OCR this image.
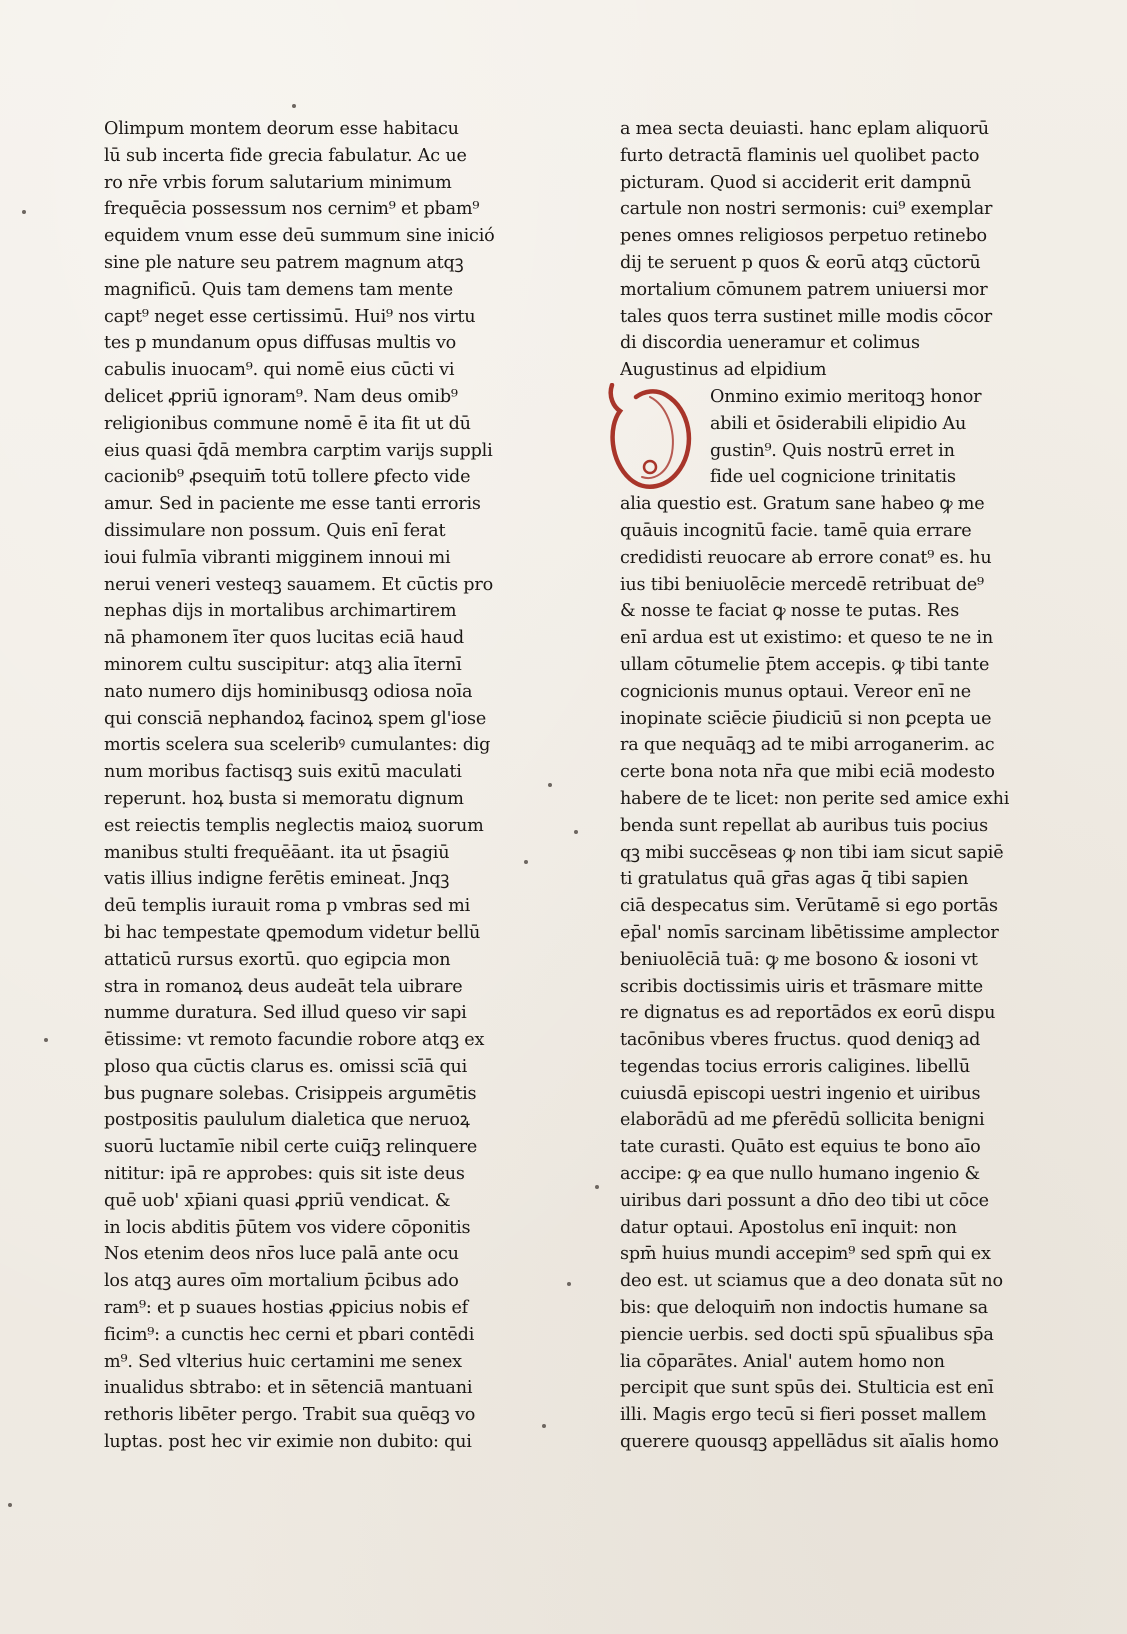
Olimpum montem deorum esse habitacu
lū sub incerta fide grecia fabulatur. Ac ue
ro nr̄e vrbis forum salutarium minimum
frequēcia possessum nos cernim⁹ et pbam⁹
equidem vnum esse deū summum sine inició
sine ple nature seu patrem magnum atqꝫ
magnificū. Quis tam demens tam mente
capt⁹ neget esse certissimū. Hui⁹ nos virtu
tes p mundanum opus diffusas multis vo
cabulis inuocam⁹. qui nomē eius cūcti vi
delicet ꝓpriū ignoram⁹. Nam deus omib⁹
religionibus commune nomē ē ita fit ut dū
eius quasi q̄dā membra carptim varijs suppli
cacionib⁹ ꝓsequim̄ totū tollere ꝑfecto vide
amur. Sed in paciente me esse tanti erroris
dissimulare non possum. Quis enī ferat
ioui fulmīa vibranti migginem innoui mi
nerui veneri vesteqꝫ sauamem. Et cūctis pro
nephas dijs in mortalibus archimartirem
nā phamonem īter quos lucitas eciā haud
minorem cultu suscipitur: atqꝫ alia īternī
nato numero dijs hominibusqꝫ odiosa noīa
qui consciā nephandoꝝ facinoꝝ spem gl'iose
mortis scelera sua sceleribꝰ cumulantes: dig
num moribus factisqꝫ suis exitū maculati
reperunt. hoꝝ busta si memoratu dignum
est reiectis templis neglectis maioꝝ suorum
manibus stulti frequēāant. ita ut p̄sagiū
vatis illius indigne ferētis emineat. Jnqꝫ
deū templis iurauit roma p vmbras sed mi
bi hac tempestate ꝗpemodum videtur bellū
attaticū rursus exortū. quo egipcia mon
stra in romanoꝝ deus audeāt tela uibrare
numme duratura. Sed illud queso vir sapi
ētissime: vt remoto facundie robore atqꝫ ex
ploso qua cūctis clarus es. omissi scīā qui
bus pugnare solebas. Crisippeis argumētis
postpositis paululum dialetica que neruoꝝ
suorū luctamīe nibil certe cuiq̄ꝫ relinquere
nititur: ipā re approbes: quis sit iste deus
quē uob' xp̄iani quasi ꝓpriū vendicat. &
in locis abditis p̄ūtem vos videre cōponitis
Nos etenim deos nr̄os luce palā ante ocu
los atqꝫ aures oīm mortalium p̄cibus ado
ram⁹: et p suaues hostias ꝓpicius nobis ef
ficim⁹: a cunctis hec cerni et pbari contēdi
m⁹. Sed vlterius huic certamini me senex
inualidus sbtrabo: et in sētenciā mantuani
rethoris libēter pergo. Trabit sua quēqꝫ vo
luptas. post hec vir eximie non dubito: qui
a mea secta deuiasti. hanc eplam aliquorū
furto detractā flaminis uel quolibet pacto
picturam. Quod si acciderit erit dampnū
cartule non nostri sermonis: cui⁹ exemplar
penes omnes religiosos perpetuo retinebo
dij te seruent p quos & eorū atqꝫ cūctorū
mortalium cōmunem patrem uniuersi mor
tales quos terra sustinet mille modis cōcor
di discordia ueneramur et colimus
Augustinus ad elpidium
Onmino eximio meritoqꝫ honor
abili et ōsiderabili elipidio Au
gustin⁹. Quis nostrū erret in
fide uel cognicione trinitatis
alia questio est. Gratum sane habeo ꝙ me
quāuis incognitū facie. tamē quia errare
credidisti reuocare ab errore conat⁹ es. hu
ius tibi beniuolēcie mercedē retribuat de⁹
& nosse te faciat ꝙ nosse te putas. Res
enī ardua est ut existimo: et queso te ne in
ullam cōtumelie p̄tem accepis. ꝙ tibi tante
cognicionis munus optaui. Vereor enī ne
inopinate sciēcie p̄iudiciū si non ꝑcepta ue
ra que nequāqꝫ ad te mibi arroganerim. ac
certe bona nota nr̄a que mibi eciā modesto
habere de te licet: non perite sed amice exhi
benda sunt repellat ab auribus tuis pocius
qꝫ mibi succēseas ꝙ non tibi iam sicut sapiē
ti gratulatus quā gr̄as agas q̄ tibi sapien
ciā despecatus sim. Verūtamē si ego portās
ep̄al' nomīs sarcinam libētissime amplector
beniuolēciā tuā: ꝙ me bosono & iosoni vt
scribis doctissimis uiris et trāsmare mitte
re dignatus es ad reportādos ex eorū dispu
tacōnibus vberes fructus. quod deniqꝫ ad
tegendas tocius erroris caligines. libellū
cuiusdā episcopi uestri ingenio et uiribus
elaborādū ad me ꝑferēdū sollicita benigni
tate curasti. Quāto est equius te bono aīo
accipe: ꝙ ea que nullo humano ingenio &
uiribus dari possunt a dn̄o deo tibi ut cōce
datur optaui. Apostolus enī inquit: non
spm̄ huius mundi accepim⁹ sed spm̄ qui ex
deo est. ut sciamus que a deo donata sūt no
bis: que deloquim̄ non indoctis humane sa
piencie uerbis. sed docti spū sp̄ualibus sp̄a
lia cōparātes. Anial' autem homo non
percipit que sunt spūs dei. Stulticia est enī
illi. Magis ergo tecū si fieri posset mallem
querere quousqꝫ appellādus sit aīalis homo
